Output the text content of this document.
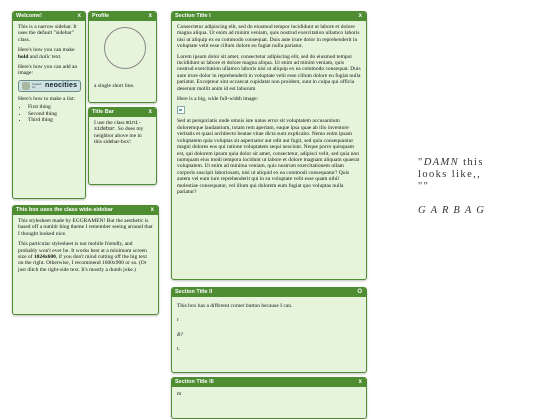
Welcome!	x

This is a narrow sidebar. It uses the default "sidebar" class.

Here's how you can make bold and italic text.

Here's how you can add an image:

hosted by	neocities

Here's how to make a list:

• First thing
• Second thing
• Third thing
Profile	x

a single short line.

Title Bar	x

I use the class mini-sidebar. So does my neighbor above me in this sidebar-box!

This box uses the class wide-sidebar	x

This stylesheet made by EGGRAMEN! But the aesthetic is based off a tumblr blog theme I remember seeing around that I thought looked nice.

This particular stylesheet is not mobile friendly, and probably won't ever be. It works best at a minimum screen size of 1024x600, if you don't mind cutting off the big text on the right. Otherwise, I recommend 1600x900 or so. (Or just ditch the right-side text. It's mostly a dumb joke.)

Section Title I	x

Consectetur adipiscing elit, sed do eiusmod tempor incididunt ut labore et dolore magna aliqua. Ut enim ad minim veniam, quis nostrud exercitation ullamco laboris nisi ut aliquip ex ea commodo consequat. Duis aute irure dolor in reprehenderit in voluptate velit esse cillum dolore eu fugiat nulla pariatur.

Lorem ipsum dolor sit amet, consectetur adipiscing elit, sed do eiusmod tempor incididunt ut labore et dolore magna aliqua. Ut enim ad minim veniam, quis nostrud exercitation ullamco laboris nisi ut aliquip ex ea commodo consequat. Duis aute irure dolor in reprehenderit in voluptate velit esse cillum dolore eu fugiat nulla pariatur. Excepteur sint occaecat cupidatat non proident, sunt in culpa qui officia deserunt mollit anim id est laborum

Here is a big, wide full-width image:

Sed ut perspiciatis unde omnis iste natus error sit voluptatem accusantium doloremque laudantium, totam rem aperiam, eaque ipsa quae ab illo inventore veritatis et quasi architecto beatae vitae dicta sunt explicabo. Nemo enim ipsam voluptatem quia voluptas sit aspernatur aut odit aut fugit, sed quia consequuntur magni dolores eos qui ratione voluptatem sequi nesciunt. Neque porro quisquam est, qui dolorem ipsum quia dolor sit amet, consectetur, adipisci velit, sed quia non numquam eius modi tempora incidunt ut labore et dolore magnam aliquam quaerat voluptatem. Ut enim ad minima veniam, quis nostrum exercitationem ullam corporis suscipit laboriosam, nisi ut aliquid ex ea commodi consequatur? Quis autem vel eum iure reprehenderit qui in ea voluptate velit esse quam nihil molestiae consequatur, vel illum qui dolorem eum fugiat quo voluptas nulla pariatur?

Section Title II	O

This box has a different corner button because I can.

r

B?

t.

Section Title III	x

m

"DAMN this
looks like,,
""

GARBAG
